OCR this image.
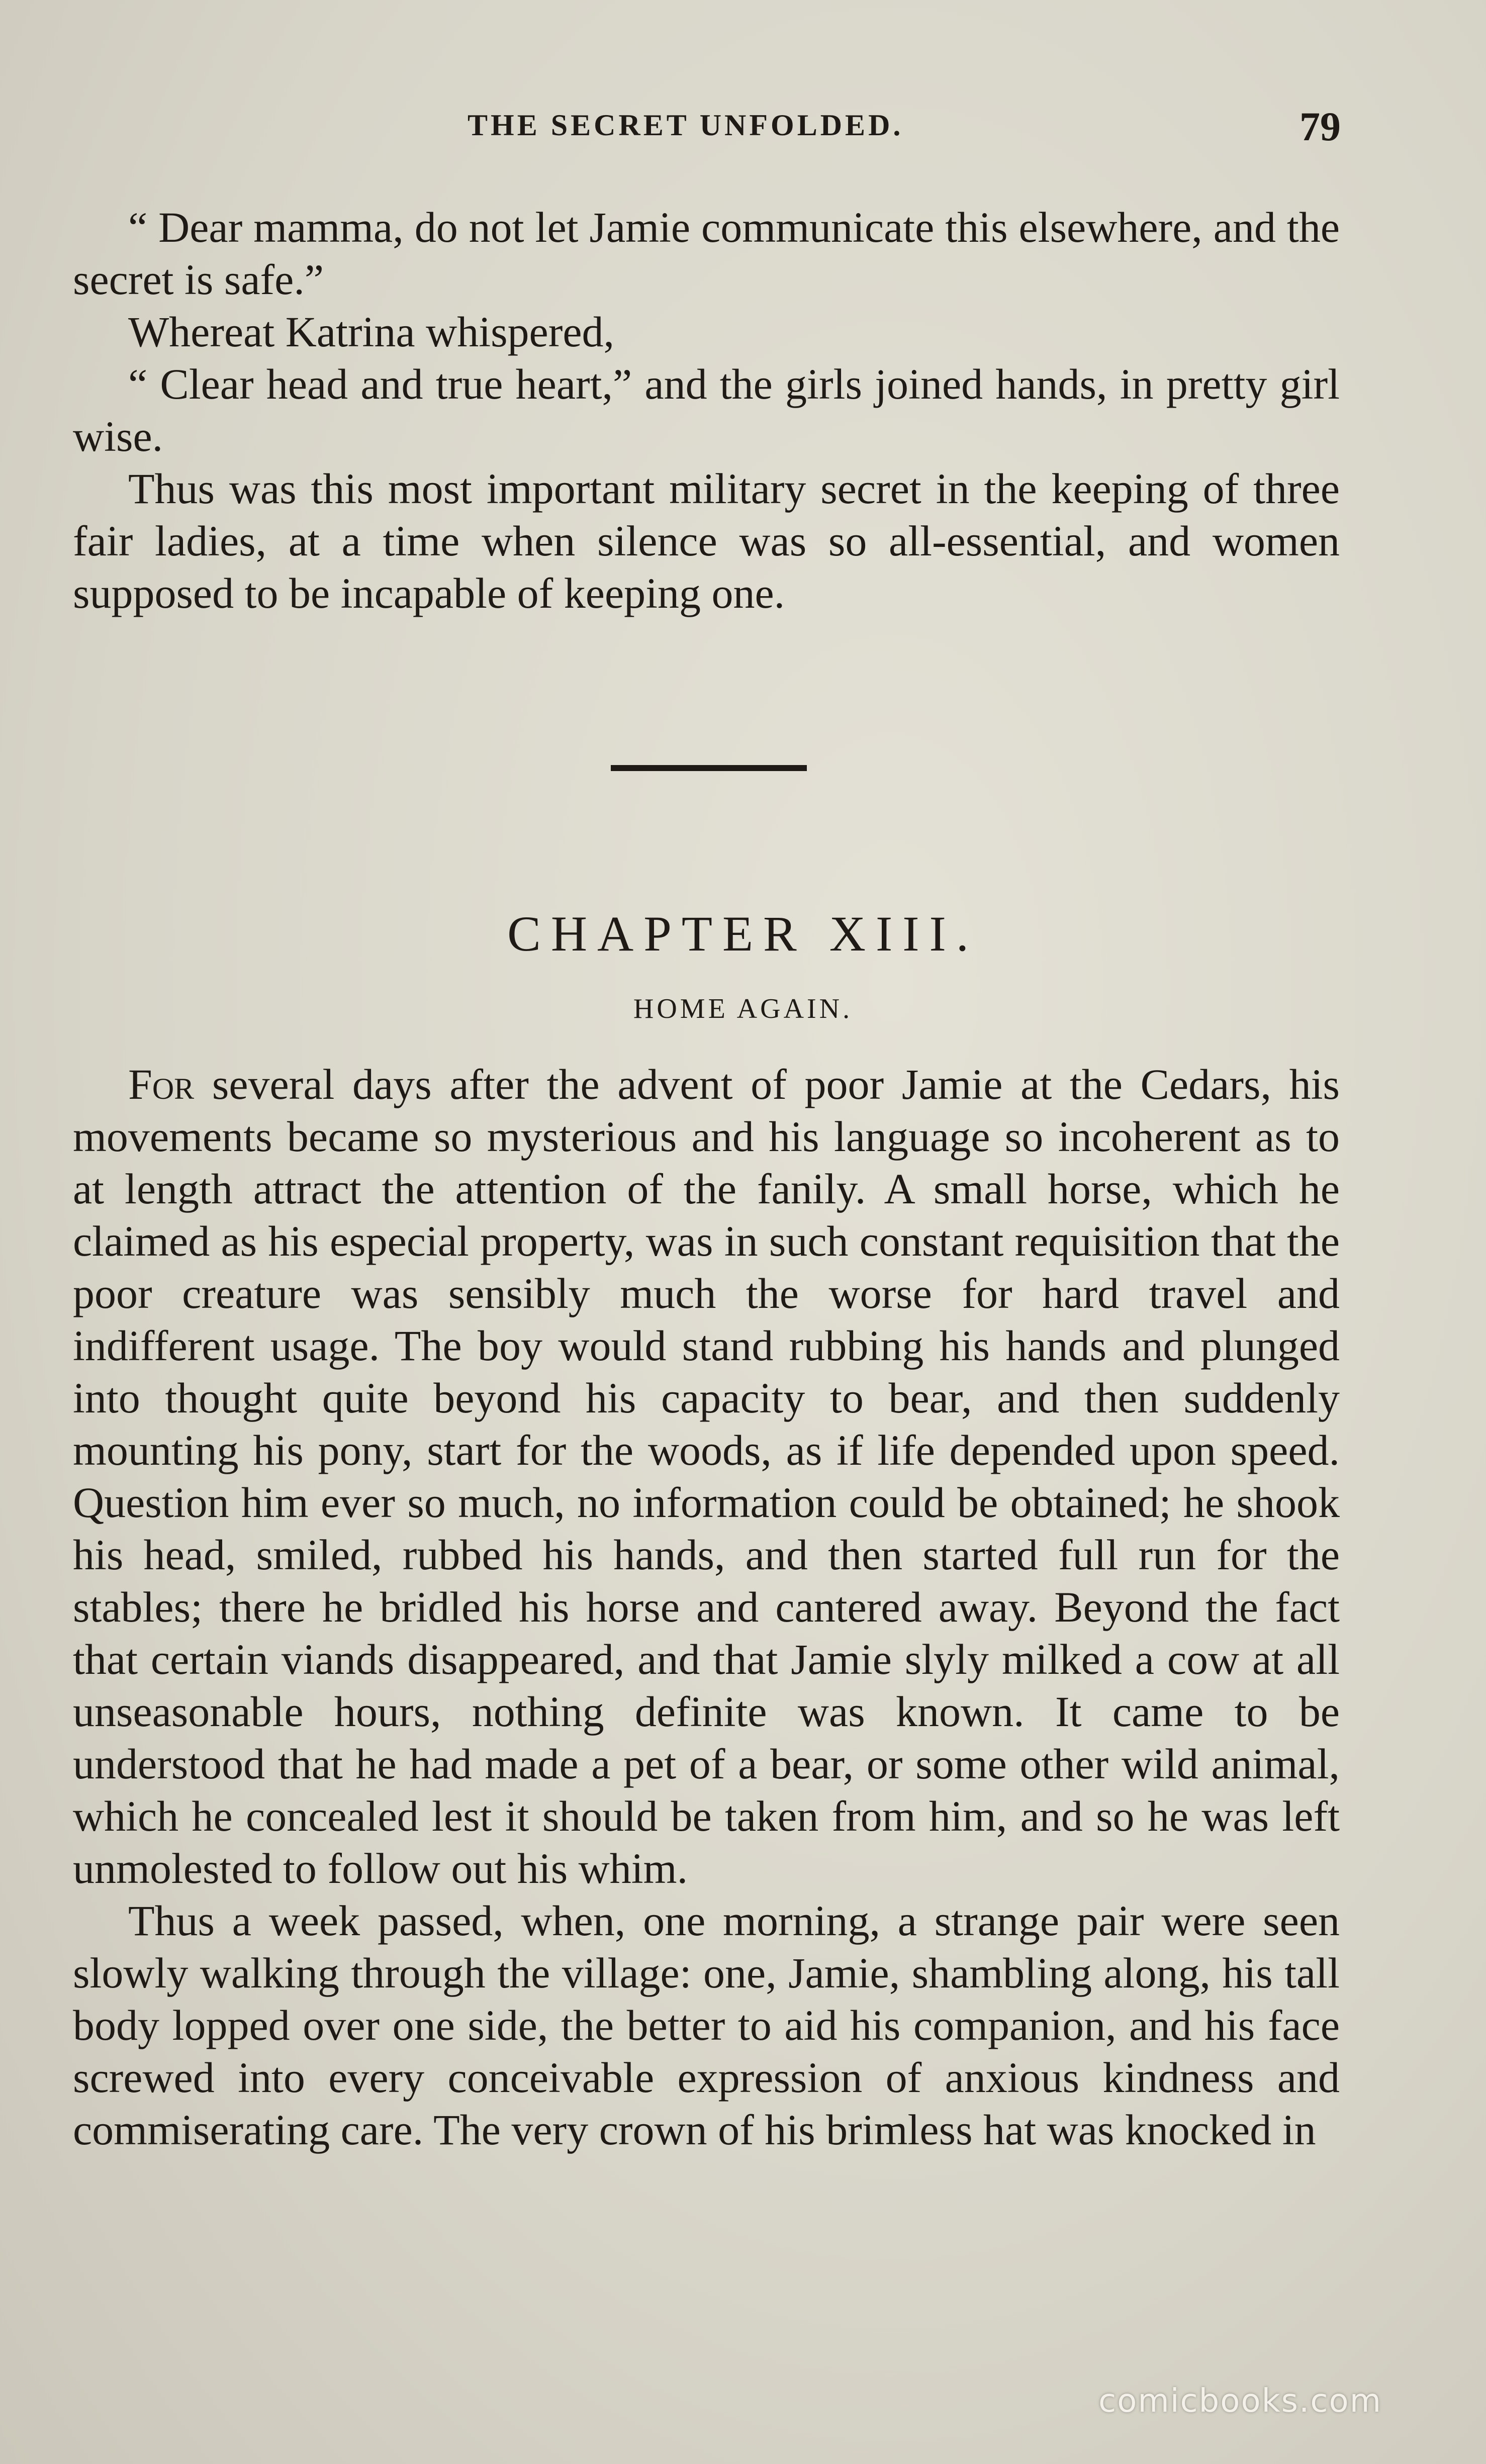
THE SECRET UNFOLDED.	79

“ Dear mamma, do not let Jamie communicate this elsewhere, and the secret is safe.”

Whereat Katrina whispered,

“ Clear head and true heart,” and the girls joined hands, in pretty girl wise.

Thus was this most important military secret in the keeping of three fair ladies, at a time when silence was so all-essential, and women supposed to be incapable of keeping one.

CHAPTER XIII.
HOME AGAIN.

For several days after the advent of poor Jamie at the Cedars, his movements became so mysterious and his language so incoherent as to at length attract the attention of the fanily. A small horse, which he claimed as his especial property, was in such constant requisition that the poor creature was sensibly much the worse for hard travel and indifferent usage. The boy would stand rubbing his hands and plunged into thought quite beyond his capacity to bear, and then suddenly mounting his pony, start for the woods, as if life depended upon speed. Question him ever so much, no information could be obtained; he shook his head, smiled, rubbed his hands, and then started full run for the stables; there he bridled his horse and cantered away. Beyond the fact that certain viands disappeared, and that Jamie slyly milked a cow at all unseasonable hours, nothing definite was known. It came to be understood that he had made a pet of a bear, or some other wild animal, which he concealed lest it should be taken from him, and so he was left unmolested to follow out his whim.

Thus a week passed, when, one morning, a strange pair were seen slowly walking through the village: one, Jamie, shambling along, his tall body lopped over one side, the better to aid his companion, and his face screwed into every conceivable expression of anxious kindness and commiserating care. The very crown of his brimless hat was knocked in

comicbooks.com
